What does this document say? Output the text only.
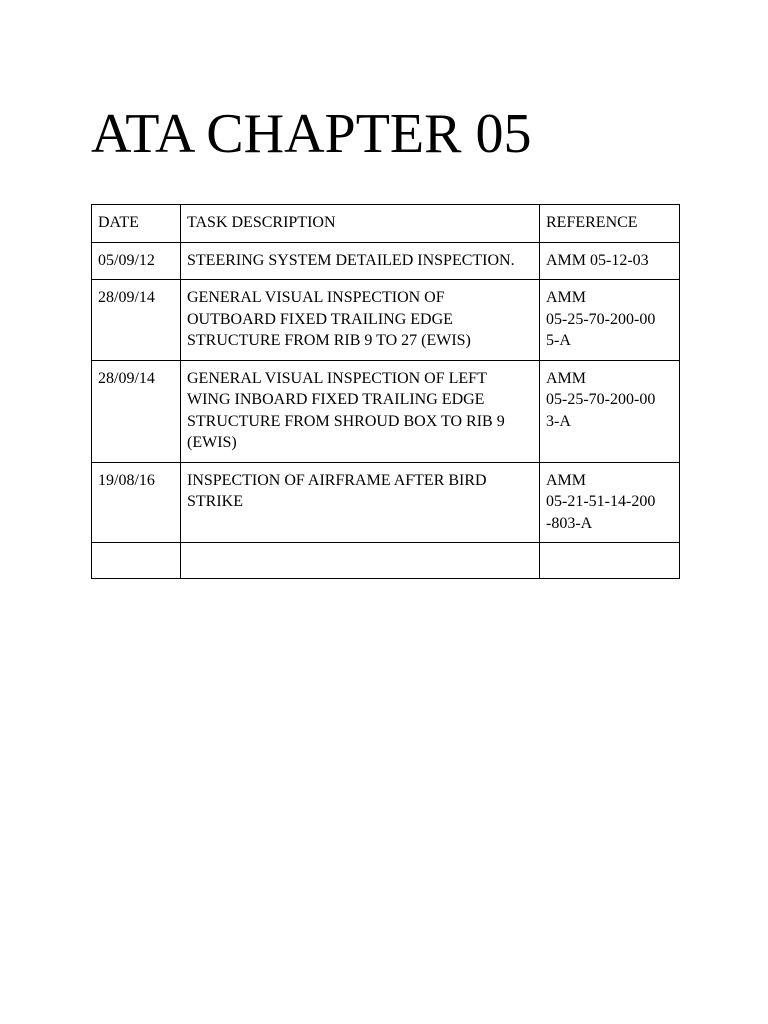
ATA CHAPTER 05
DATE	TASK DESCRIPTION	REFERENCE
05/09/12	STEERING SYSTEM DETAILED INSPECTION.	AMM 05-12-03

28/09/14	GENERAL VISUAL INSPECTION OF OUTBOARD FIXED TRAILING EDGE STRUCTURE FROM RIB 9 TO 27 (EWIS)	AMM
05-25-70-200-00
5-A

28/09/14	GENERAL VISUAL INSPECTION OF LEFT WING INBOARD FIXED TRAILING EDGE STRUCTURE FROM SHROUD BOX TO RIB 9 (EWIS)	AMM
05-25-70-200-00
3-A

19/08/16	INSPECTION OF AIRFRAME AFTER BIRD STRIKE	AMM
05-21-51-14-200
-803-A
